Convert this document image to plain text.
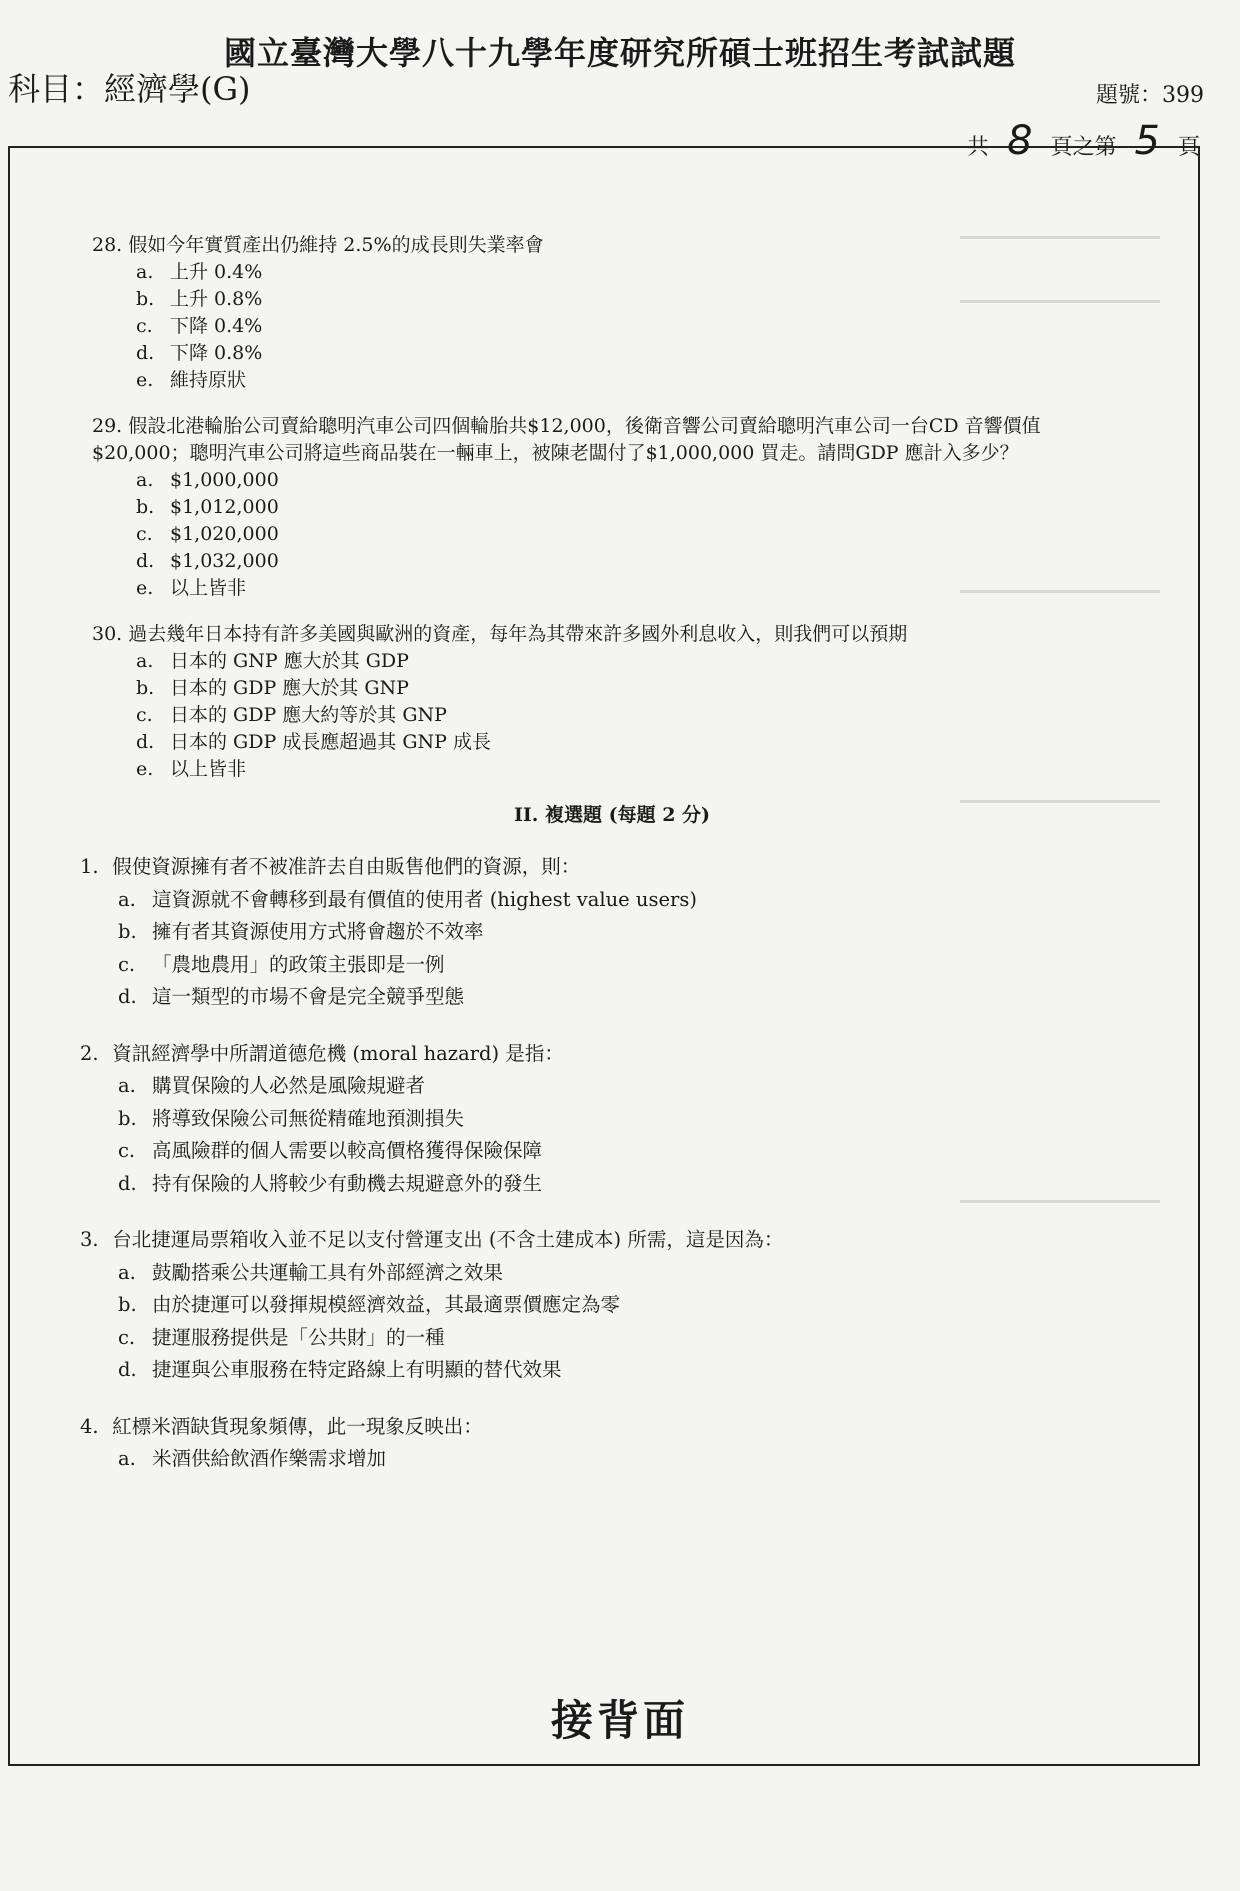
國立臺灣大學八十九學年度研究所碩士班招生考試試題
科目：經濟學(G)	題號：399
共 8 頁之第 5 頁
28. 假如今年實質產出仍維持 2.5%的成長則失業率會
a. 上升 0.4%
b. 上升 0.8%
c. 下降 0.4%
d. 下降 0.8%
e. 維持原狀
29. 假設北港輪胎公司賣給聰明汽車公司四個輪胎共$12,000，後衛音響公司賣給聰明汽車公司一台CD 音響價值$20,000；聰明汽車公司將這些商品裝在一輛車上，被陳老闆付了$1,000,000 買走。請問GDP 應計入多少？
a. $1,000,000
b. $1,012,000
c. $1,020,000
d. $1,032,000
e. 以上皆非
30. 過去幾年日本持有許多美國與歐洲的資產，每年為其帶來許多國外利息收入，則我們可以預期
a. 日本的 GNP 應大於其 GDP
b. 日本的 GDP 應大於其 GNP
c. 日本的 GDP 應大約等於其 GNP
d. 日本的 GDP 成長應超過其 GNP 成長
e. 以上皆非
II. 複選題 (每題 2 分)
1. 假使資源擁有者不被准許去自由販售他們的資源，則：
a. 這資源就不會轉移到最有價值的使用者 (highest value users)
b. 擁有者其資源使用方式將會趨於不效率
c. 「農地農用」的政策主張即是一例
d. 這一類型的市場不會是完全競爭型態
2. 資訊經濟學中所謂道德危機 (moral hazard) 是指：
a. 購買保險的人必然是風險規避者
b. 將導致保險公司無從精確地預測損失
c. 高風險群的個人需要以較高價格獲得保險保障
d. 持有保險的人將較少有動機去規避意外的發生
3. 台北捷運局票箱收入並不足以支付營運支出 (不含土建成本) 所需，這是因為：
a. 鼓勵搭乘公共運輸工具有外部經濟之效果
b. 由於捷運可以發揮規模經濟效益，其最適票價應定為零
c. 捷運服務提供是「公共財」的一種
d. 捷運與公車服務在特定路線上有明顯的替代效果
4. 紅標米酒缺貨現象頻傳，此一現象反映出：
a. 米酒供給飲酒作樂需求增加
接背面
